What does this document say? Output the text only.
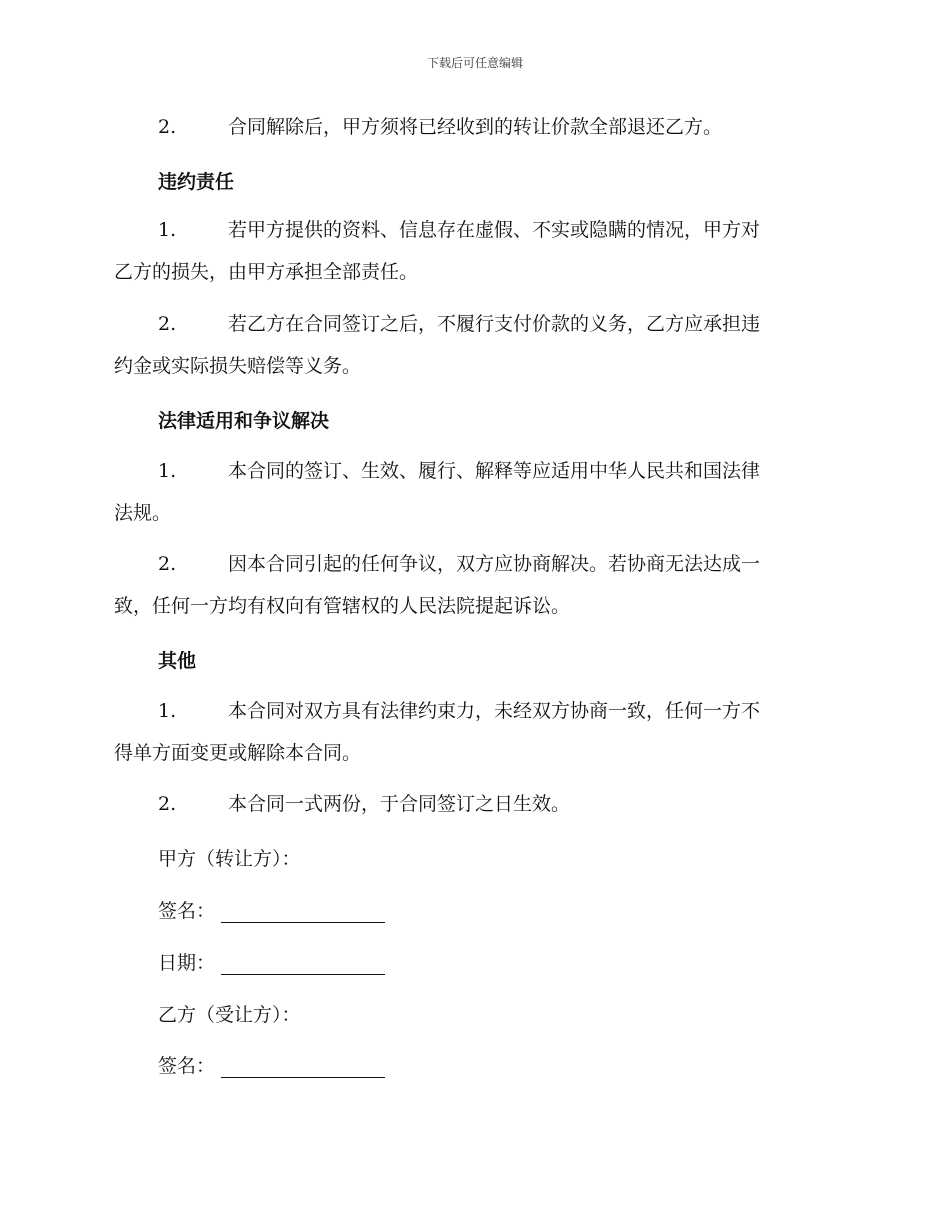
下载后可任意编辑
2.	合同解除后，甲方须将已经收到的转让价款全部退还乙方。
违约责任
1.	若甲方提供的资料、信息存在虚假、不实或隐瞒的情况，甲方对
乙方的损失，由甲方承担全部责任。
2.	若乙方在合同签订之后，不履行支付价款的义务，乙方应承担违
约金或实际损失赔偿等义务。
法律适用和争议解决
1.	本合同的签订、生效、履行、解释等应适用中华人民共和国法律
法规。
2.	因本合同引起的任何争议，双方应协商解决。若协商无法达成一
致，任何一方均有权向有管辖权的人民法院提起诉讼。
其他
1.	本合同对双方具有法律约束力，未经双方协商一致，任何一方不
得单方面变更或解除本合同。
2.	本合同一式两份，于合同签订之日生效。
甲方（转让方）：
签名：
日期：
乙方（受让方）：
签名：
